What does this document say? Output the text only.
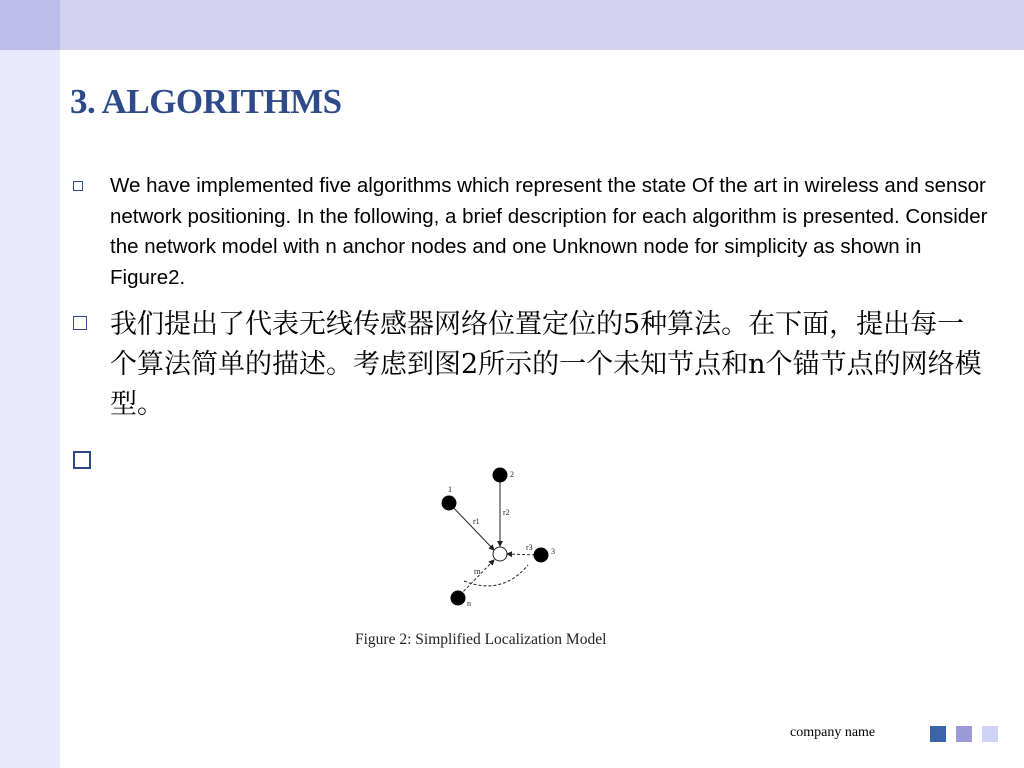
3. ALGORITHMS

We have implemented five algorithms which represent the state Of the art in wireless and sensor network positioning. In the following, a brief description for each algorithm is presented. Consider the network model with n anchor nodes and one Unknown node for simplicity as shown in Figure2.

我们提出了代表无线传感器网络位置定位的5种算法。在下面，提出每一个算法简单的描述。考虑到图2所示的一个未知节点和n个锚节点的网络模型。

1
2
3
n
r1
r2
r3
rn

Figure 2: Simplified Localization Model

company name
